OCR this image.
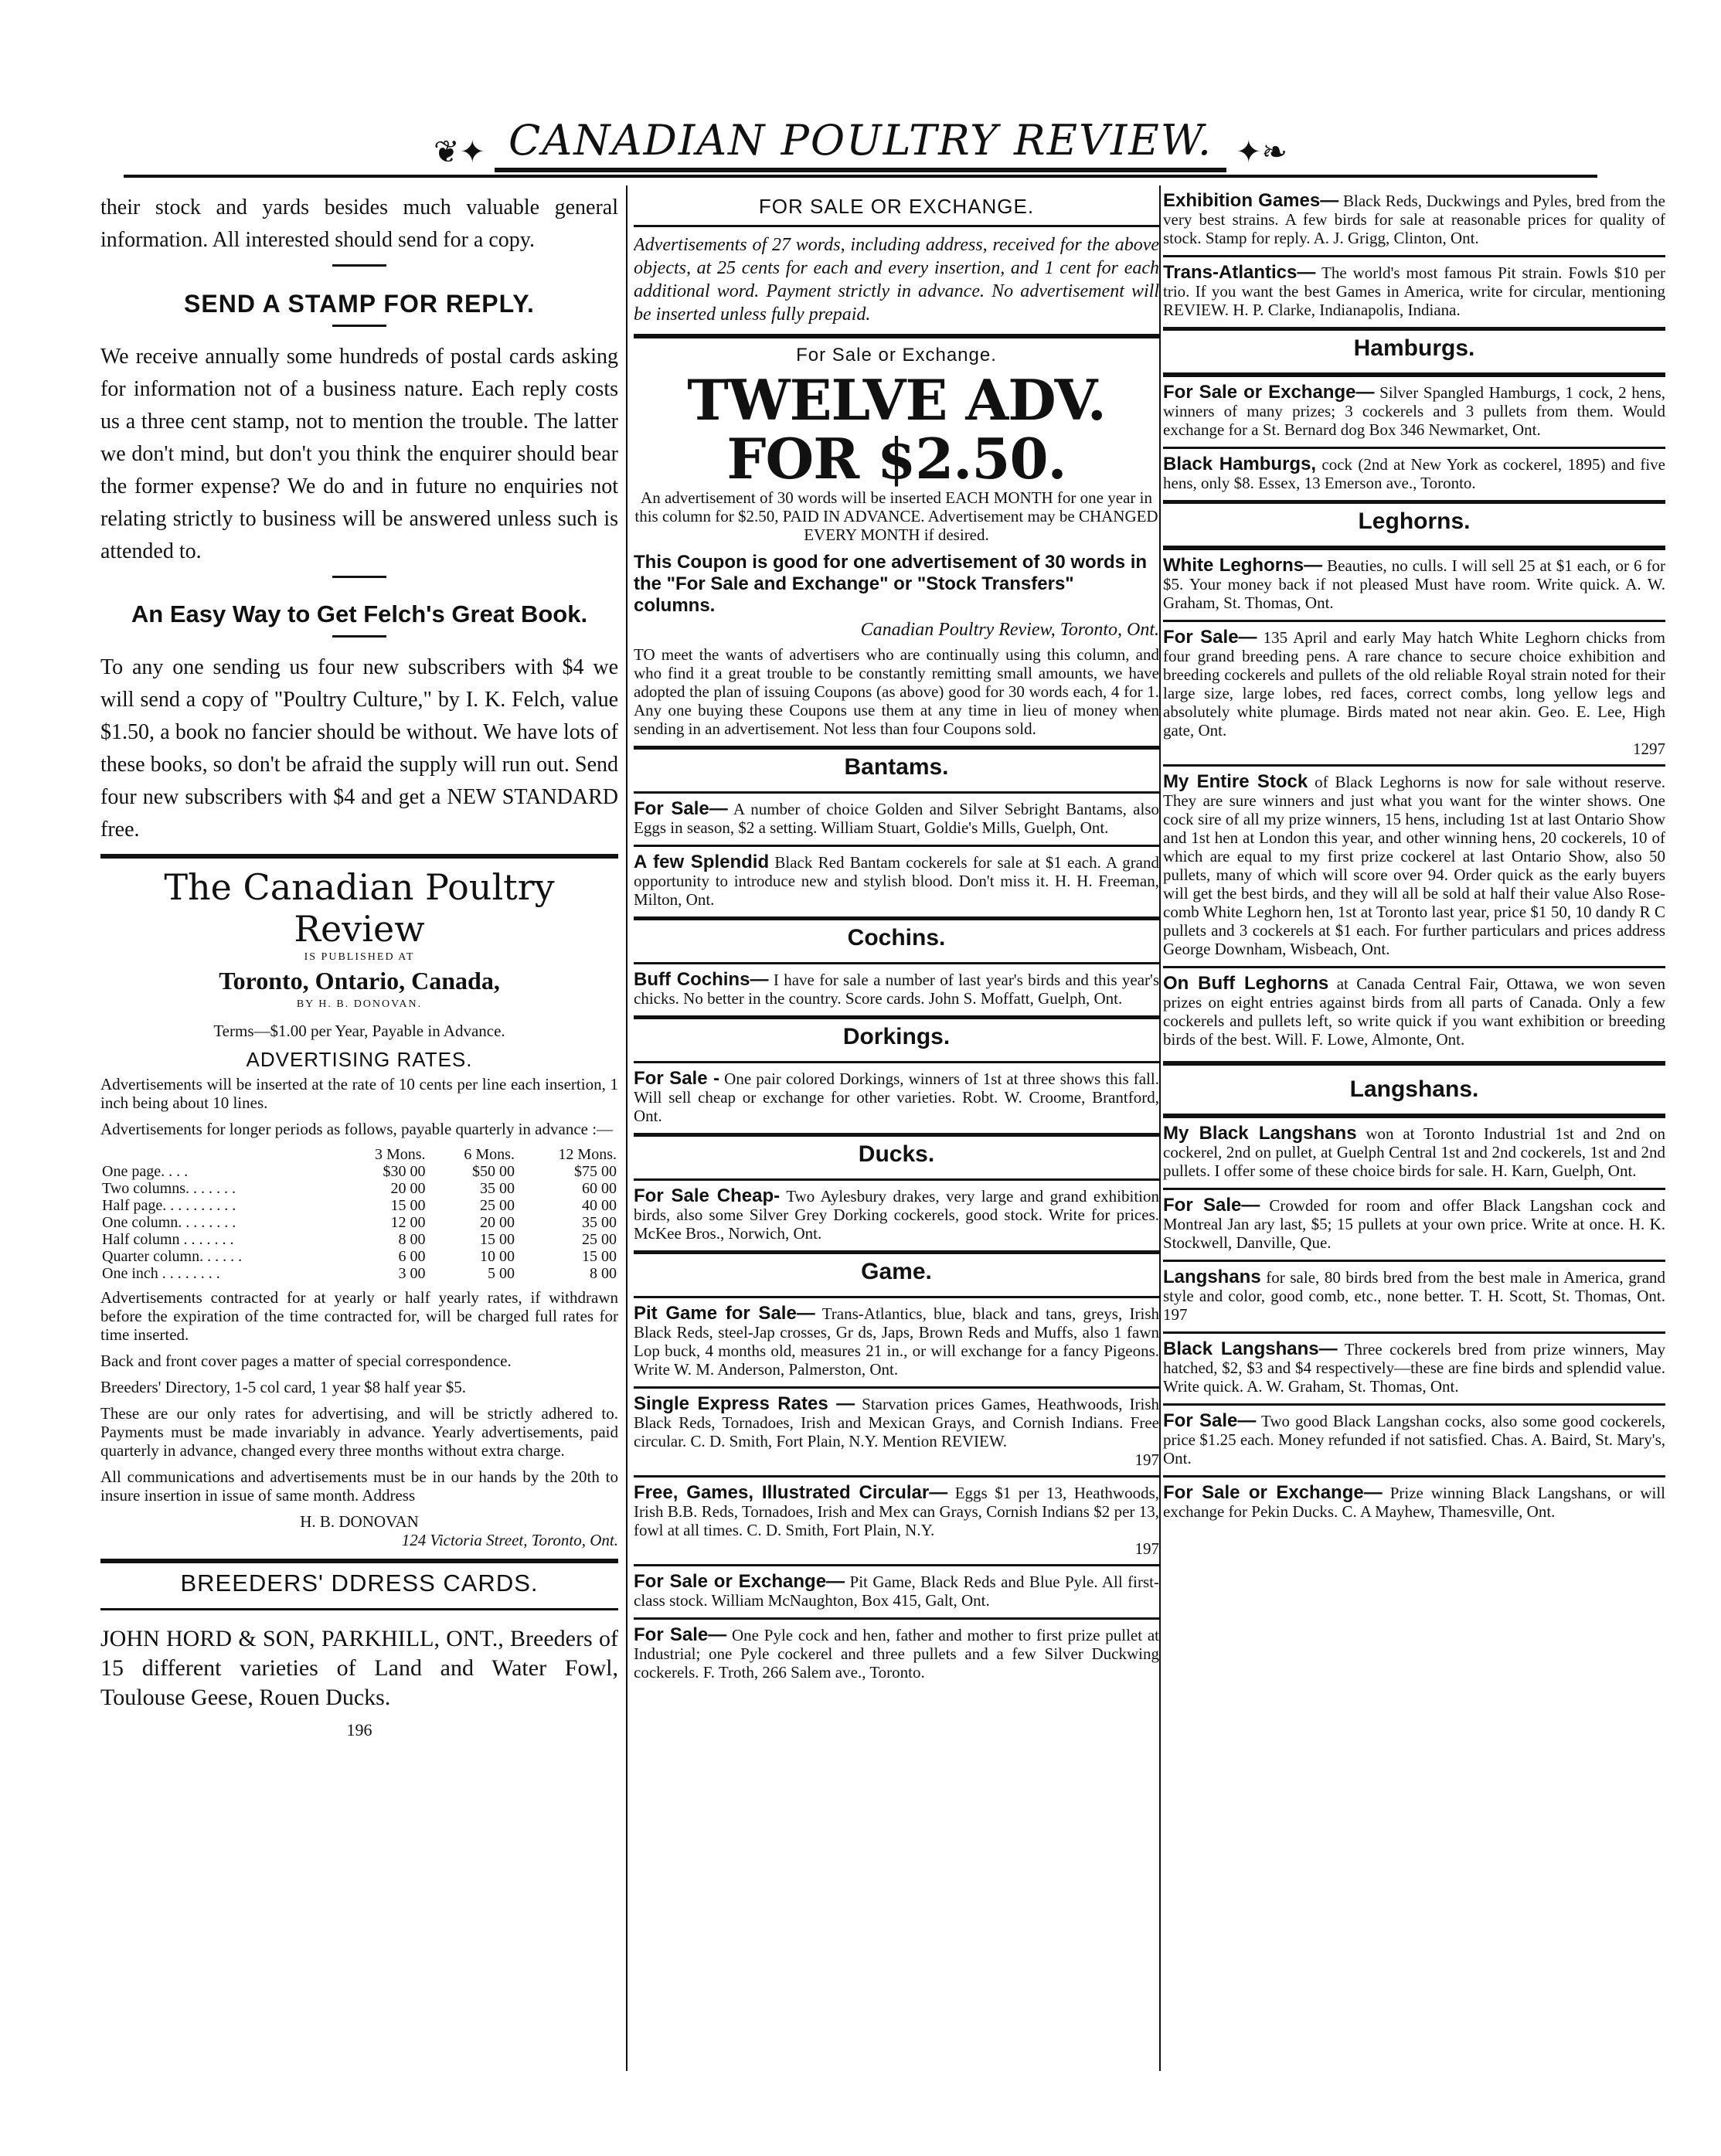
❦✦ CANADIAN POULTRY REVIEW. ✦❧

their stock and yards besides much valuable general information. All interested should send for a copy.

SEND A STAMP FOR REPLY.

We receive annually some hundreds of postal cards asking for information not of a business nature. Each reply costs us a three cent stamp, not to mention the trouble. The latter we don't mind, but don't you think the enquirer should bear the former expense? We do and in future no enquiries not relating strictly to business will be answered unless such is attended to.

An Easy Way to Get Felch's Great Book.

To any one sending us four new subscribers with $4 we will send a copy of "Poultry Culture," by I. K. Felch, value $1.50, a book no fancier should be without. We have lots of these books, so don't be afraid the supply will run out. Send four new subscribers with $4 and get a NEW STANDARD free.

The Canadian Poultry Review
IS PUBLISHED AT
Toronto, Ontario, Canada,
BY H. B. DONOVAN.

Terms—$1.00 per Year, Payable in Advance.

ADVERTISING RATES.

Advertisements will be inserted at the rate of 10 cents per line each insertion, 1 inch being about 10 lines.

Advertisements for longer periods as follows, payable quarterly in advance :—

	3 Mons.	6 Mons.	12 Mons.
One page. . . .	$30 00	$50 00	$75 00
Two columns. . . . . . .	20 00	35 00	60 00
Half page. . . . . . . . . .	15 00	25 00	40 00
One column. . . . . . . .	12 00	20 00	35 00
Half column . . . . . . .	8 00	15 00	25 00
Quarter column. . . . . .	6 00	10 00	15 00
One inch . . . . . . . .	3 00	5 00	8 00

Advertisements contracted for at yearly or half yearly rates, if withdrawn before the expiration of the time contracted for, will be charged full rates for time inserted.

Back and front cover pages a matter of special correspondence.

Breeders' Directory, 1-5 col card, 1 year $8 half year $5.

These are our only rates for advertising, and will be strictly adhered to. Payments must be made invariably in advance. Yearly advertisements, paid quarterly in advance, changed every three months without extra charge.

All communications and advertisements must be in our hands by the 20th to insure insertion in issue of same month. Address

H. B. DONOVAN
124 Victoria Street, Toronto, Ont.
BREEDERS' DDRESS CARDS.

JOHN HORD & SON, PARKHILL, ONT., Breeders of 15 different varieties of Land and Water Fowl, Toulouse Geese, Rouen Ducks.

196
FOR SALE OR EXCHANGE.

Advertisements of 27 words, including address, received for the above objects, at 25 cents for each and every insertion, and 1 cent for each additional word. Payment strictly in advance. No advertisement will be inserted unless fully prepaid.

For Sale or Exchange.
TWELVE ADV. FOR $2.50.

An advertisement of 30 words will be inserted EACH MONTH for one year in this column for $2.50, PAID IN ADVANCE. Advertisement may be CHANGED EVERY MONTH if desired.

This Coupon is good for one advertisement of 30 words in the "For Sale and Exchange" or "Stock Transfers" columns.

Canadian Poultry Review, Toronto, Ont.

TO meet the wants of advertisers who are continually using this column, and who find it a great trouble to be constantly remitting small amounts, we have adopted the plan of issuing Coupons (as above) good for 30 words each, 4 for 1. Any one buying these Coupons use them at any time in lieu of money when sending in an advertisement. Not less than four Coupons sold.

Bantams.

For Sale— A number of choice Golden and Silver Sebright Bantams, also Eggs in season, $2 a setting. William Stuart, Goldie's Mills, Guelph, Ont.

A few Splendid Black Red Bantam cockerels for sale at $1 each. A grand opportunity to introduce new and stylish blood. Don't miss it. H. H. Freeman, Milton, Ont.

Cochins.

Buff Cochins— I have for sale a number of last year's birds and this year's chicks. No better in the country. Score cards. John S. Moffatt, Guelph, Ont.

Dorkings.

For Sale - One pair colored Dorkings, winners of 1st at three shows this fall. Will sell cheap or exchange for other varieties. Robt. W. Croome, Brantford, Ont.

Ducks.

For Sale Cheap- Two Aylesbury drakes, very large and grand exhibition birds, also some Silver Grey Dorking cockerels, good stock. Write for prices. McKee Bros., Norwich, Ont.

Game.

Pit Game for Sale— Trans-Atlantics, blue, black and tans, greys, Irish Black Reds, steel-Jap crosses, Gr ds, Japs, Brown Reds and Muffs, also 1 fawn Lop buck, 4 months old, measures 21 in., or will exchange for a fancy Pigeons. Write W. M. Anderson, Palmerston, Ont.

Single Express Rates — Starvation prices Games, Heathwoods, Irish Black Reds, Tornadoes, Irish and Mexican Grays, and Cornish Indians. Free circular. C. D. Smith, Fort Plain, N.Y. Mention REVIEW.

197

Free, Games, Illustrated Circular— Eggs $1 per 13, Heathwoods, Irish B.B. Reds, Tornadoes, Irish and Mex can Grays, Cornish Indians $2 per 13, fowl at all times. C. D. Smith, Fort Plain, N.Y.

197

For Sale or Exchange— Pit Game, Black Reds and Blue Pyle. All first-class stock. William McNaughton, Box 415, Galt, Ont.

For Sale— One Pyle cock and hen, father and mother to first prize pullet at Industrial; one Pyle cockerel and three pullets and a few Silver Duckwing cockerels. F. Troth, 266 Salem ave., Toronto.

Exhibition Games— Black Reds, Duckwings and Pyles, bred from the very best strains. A few birds for sale at reasonable prices for quality of stock. Stamp for reply. A. J. Grigg, Clinton, Ont.

Trans-Atlantics— The world's most famous Pit strain. Fowls $10 per trio. If you want the best Games in America, write for circular, mentioning REVIEW. H. P. Clarke, Indianapolis, Indiana.

Hamburgs.

For Sale or Exchange— Silver Spangled Hamburgs, 1 cock, 2 hens, winners of many prizes; 3 cockerels and 3 pullets from them. Would exchange for a St. Bernard dog Box 346 Newmarket, Ont.

Black Hamburgs, cock (2nd at New York as cockerel, 1895) and five hens, only $8. Essex, 13 Emerson ave., Toronto.

Leghorns.

White Leghorns— Beauties, no culls. I will sell 25 at $1 each, or 6 for $5. Your money back if not pleased Must have room. Write quick. A. W. Graham, St. Thomas, Ont.

For Sale— 135 April and early May hatch White Leghorn chicks from four grand breeding pens. A rare chance to secure choice exhibition and breeding cockerels and pullets of the old reliable Royal strain noted for their large size, large lobes, red faces, correct combs, long yellow legs and absolutely white plumage. Birds mated not near akin. Geo. E. Lee, High gate, Ont.

1297

My Entire Stock of Black Leghorns is now for sale without reserve. They are sure winners and just what you want for the winter shows. One cock sire of all my prize winners, 15 hens, including 1st at last Ontario Show and 1st hen at London this year, and other winning hens, 20 cockerels, 10 of which are equal to my first prize cockerel at last Ontario Show, also 50 pullets, many of which will score over 94. Order quick as the early buyers will get the best birds, and they will all be sold at half their value Also Rose-comb White Leghorn hen, 1st at Toronto last year, price $1 50, 10 dandy R C pullets and 3 cockerels at $1 each. For further particulars and prices address George Downham, Wisbeach, Ont.

On Buff Leghorns at Canada Central Fair, Ottawa, we won seven prizes on eight entries against birds from all parts of Canada. Only a few cockerels and pullets left, so write quick if you want exhibition or breeding birds of the best. Will. F. Lowe, Almonte, Ont.

Langshans.

My Black Langshans won at Toronto Industrial 1st and 2nd on cockerel, 2nd on pullet, at Guelph Central 1st and 2nd cockerels, 1st and 2nd pullets. I offer some of these choice birds for sale. H. Karn, Guelph, Ont.

For Sale— Crowded for room and offer Black Langshan cock and Montreal Jan ary last, $5; 15 pullets at your own price. Write at once. H. K. Stockwell, Danville, Que.

Langshans for sale, 80 birds bred from the best male in America, grand style and color, good comb, etc., none better. T. H. Scott, St. Thomas, Ont. 197

Black Langshans— Three cockerels bred from prize winners, May hatched, $2, $3 and $4 respectively—these are fine birds and splendid value. Write quick. A. W. Graham, St. Thomas, Ont.

For Sale— Two good Black Langshan cocks, also some good cockerels, price $1.25 each. Money refunded if not satisfied. Chas. A. Baird, St. Mary's, Ont.

For Sale or Exchange— Prize winning Black Langshans, or will exchange for Pekin Ducks. C. A Mayhew, Thamesville, Ont.
